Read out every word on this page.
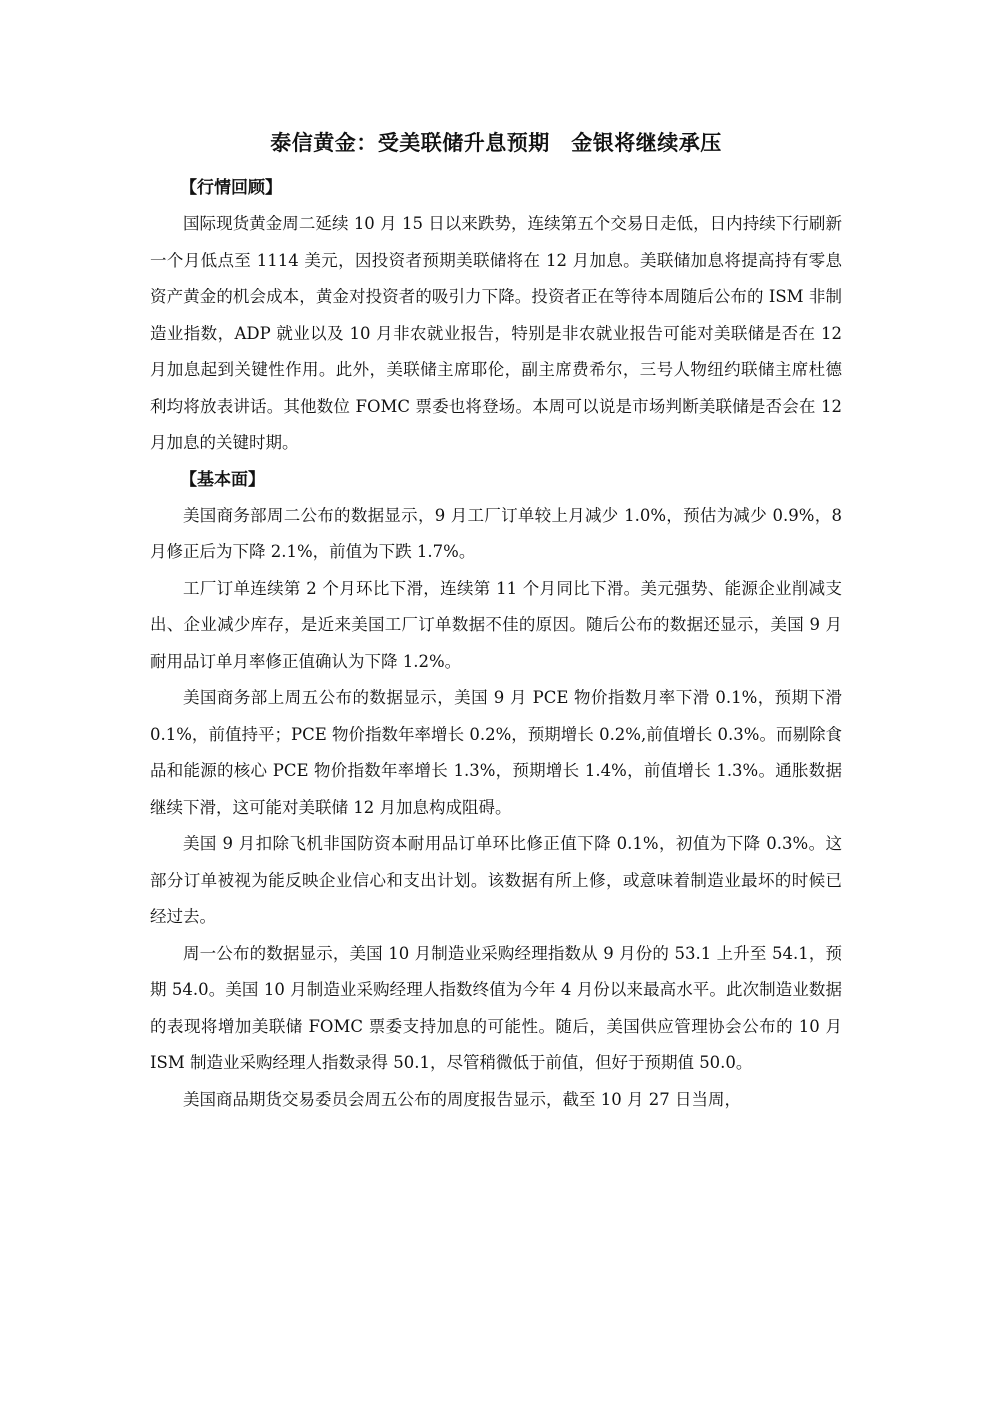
泰信黄金：受美联储升息预期　金银将继续承压
【行情回顾】

国际现货黄金周二延续 10 月 15 日以来跌势，连续第五个交易日走低，日内持续下行刷新一个月低点至 1114 美元，因投资者预期美联储将在 12 月加息。美联储加息将提高持有零息资产黄金的机会成本，黄金对投资者的吸引力下降。投资者正在等待本周随后公布的 ISM 非制造业指数，ADP 就业以及 10 月非农就业报告，特别是非农就业报告可能对美联储是否在 12 月加息起到关键性作用。此外，美联储主席耶伦，副主席费希尔，三号人物纽约联储主席杜德利均将放表讲话。其他数位 FOMC 票委也将登场。本周可以说是市场判断美联储是否会在 12 月加息的关键时期。

【基本面】

美国商务部周二公布的数据显示，9 月工厂订单较上月减少 1.0%，预估为减少 0.9%，8 月修正后为下降 2.1%，前值为下跌 1.7%。

工厂订单连续第 2 个月环比下滑，连续第 11 个月同比下滑。美元强势、能源企业削减支出、企业减少库存，是近来美国工厂订单数据不佳的原因。随后公布的数据还显示，美国 9 月耐用品订单月率修正值确认为下降 1.2%。

美国商务部上周五公布的数据显示，美国 9 月 PCE 物价指数月率下滑 0.1%，预期下滑 0.1%，前值持平；PCE 物价指数年率增长 0.2%，预期增长 0.2%,前值增长 0.3%。而剔除食品和能源的核心 PCE 物价指数年率增长 1.3%，预期增长 1.4%，前值增长 1.3%。通胀数据继续下滑，这可能对美联储 12 月加息构成阻碍。

美国 9 月扣除飞机非国防资本耐用品订单环比修正值下降 0.1%，初值为下降 0.3%。这部分订单被视为能反映企业信心和支出计划。该数据有所上修，或意味着制造业最坏的时候已经过去。

周一公布的数据显示，美国 10 月制造业采购经理指数从 9 月份的 53.1 上升至 54.1，预期 54.0。美国 10 月制造业采购经理人指数终值为今年 4 月份以来最高水平。此次制造业数据的表现将增加美联储 FOMC 票委支持加息的可能性。随后，美国供应管理协会公布的 10 月 ISM 制造业采购经理人指数录得 50.1，尽管稍微低于前值，但好于预期值 50.0。

美国商品期货交易委员会周五公布的周度报告显示，截至 10 月 27 日当周，
